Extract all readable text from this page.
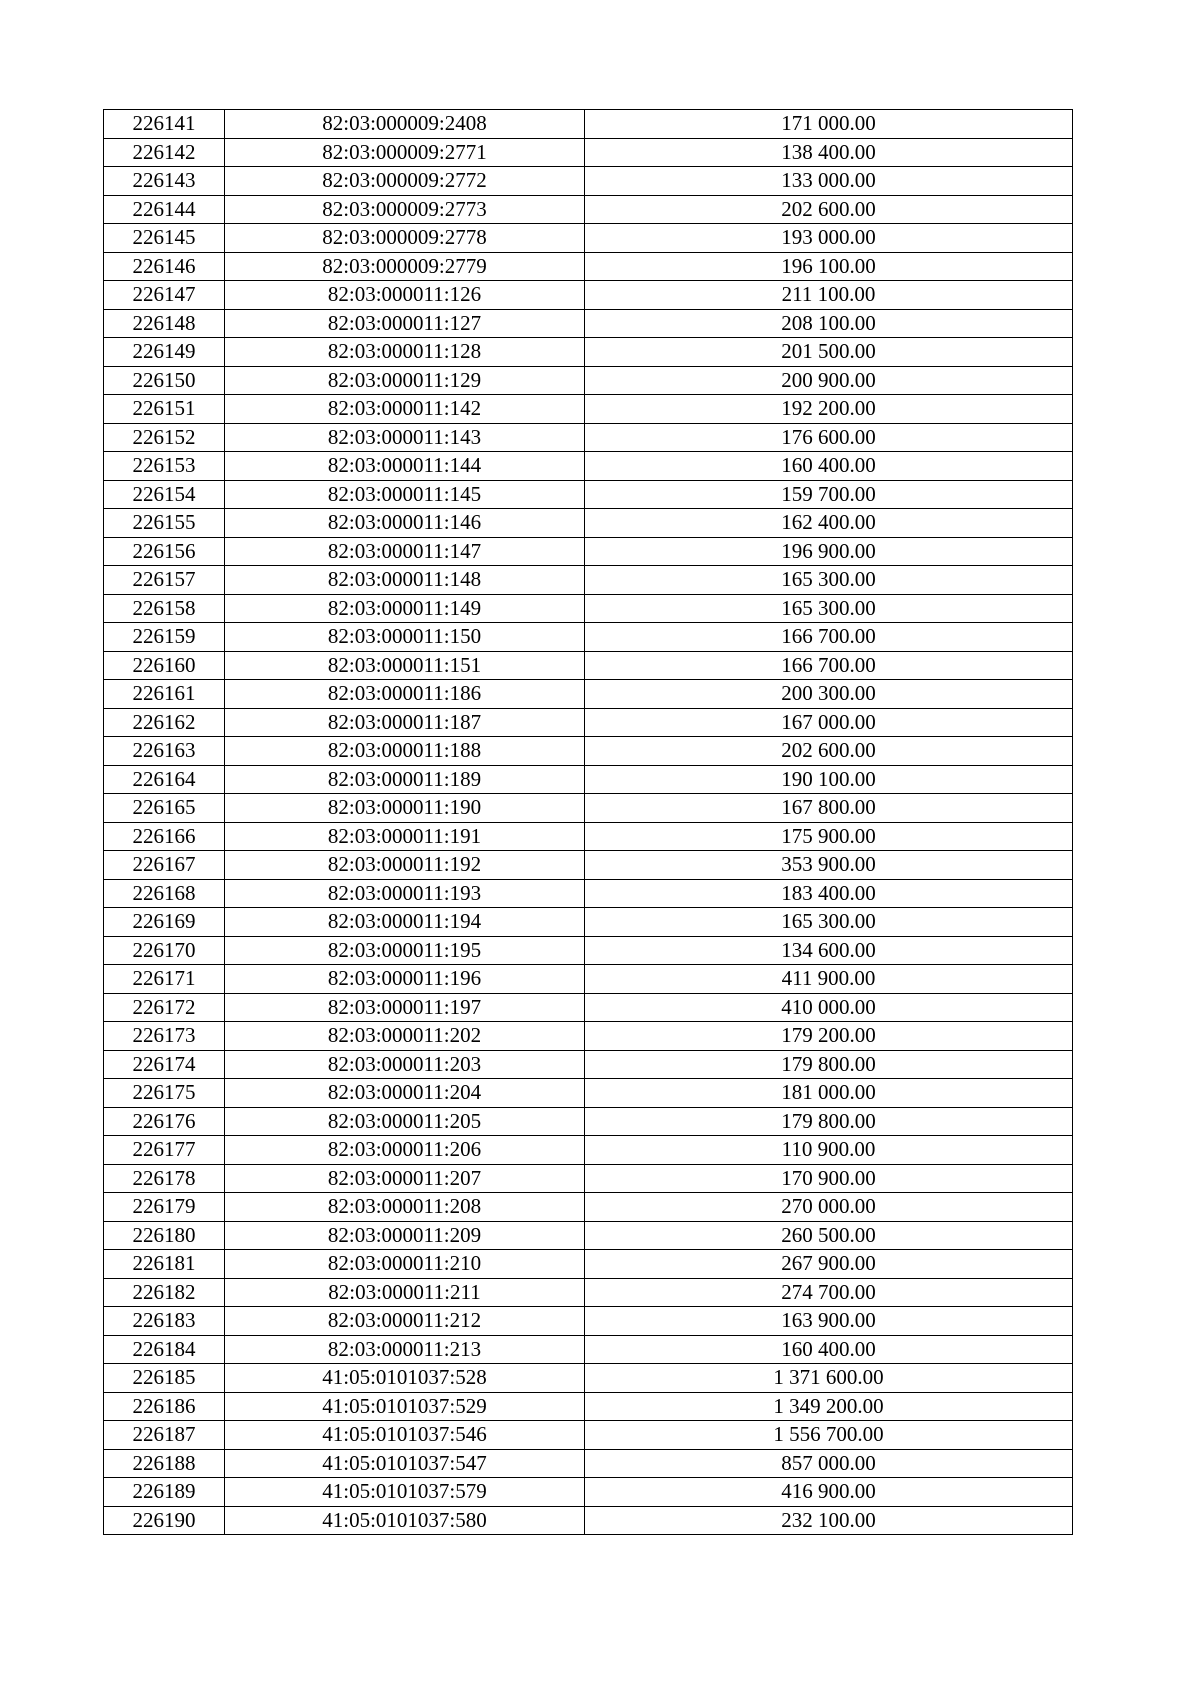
226141	82:03:000009:2408	171 000.00
226142	82:03:000009:2771	138 400.00
226143	82:03:000009:2772	133 000.00
226144	82:03:000009:2773	202 600.00
226145	82:03:000009:2778	193 000.00
226146	82:03:000009:2779	196 100.00
226147	82:03:000011:126	211 100.00
226148	82:03:000011:127	208 100.00
226149	82:03:000011:128	201 500.00
226150	82:03:000011:129	200 900.00
226151	82:03:000011:142	192 200.00
226152	82:03:000011:143	176 600.00
226153	82:03:000011:144	160 400.00
226154	82:03:000011:145	159 700.00
226155	82:03:000011:146	162 400.00
226156	82:03:000011:147	196 900.00
226157	82:03:000011:148	165 300.00
226158	82:03:000011:149	165 300.00
226159	82:03:000011:150	166 700.00
226160	82:03:000011:151	166 700.00
226161	82:03:000011:186	200 300.00
226162	82:03:000011:187	167 000.00
226163	82:03:000011:188	202 600.00
226164	82:03:000011:189	190 100.00
226165	82:03:000011:190	167 800.00
226166	82:03:000011:191	175 900.00
226167	82:03:000011:192	353 900.00
226168	82:03:000011:193	183 400.00
226169	82:03:000011:194	165 300.00
226170	82:03:000011:195	134 600.00
226171	82:03:000011:196	411 900.00
226172	82:03:000011:197	410 000.00
226173	82:03:000011:202	179 200.00
226174	82:03:000011:203	179 800.00
226175	82:03:000011:204	181 000.00
226176	82:03:000011:205	179 800.00
226177	82:03:000011:206	110 900.00
226178	82:03:000011:207	170 900.00
226179	82:03:000011:208	270 000.00
226180	82:03:000011:209	260 500.00
226181	82:03:000011:210	267 900.00
226182	82:03:000011:211	274 700.00
226183	82:03:000011:212	163 900.00
226184	82:03:000011:213	160 400.00
226185	41:05:0101037:528	1 371 600.00
226186	41:05:0101037:529	1 349 200.00
226187	41:05:0101037:546	1 556 700.00
226188	41:05:0101037:547	857 000.00
226189	41:05:0101037:579	416 900.00
226190	41:05:0101037:580	232 100.00
